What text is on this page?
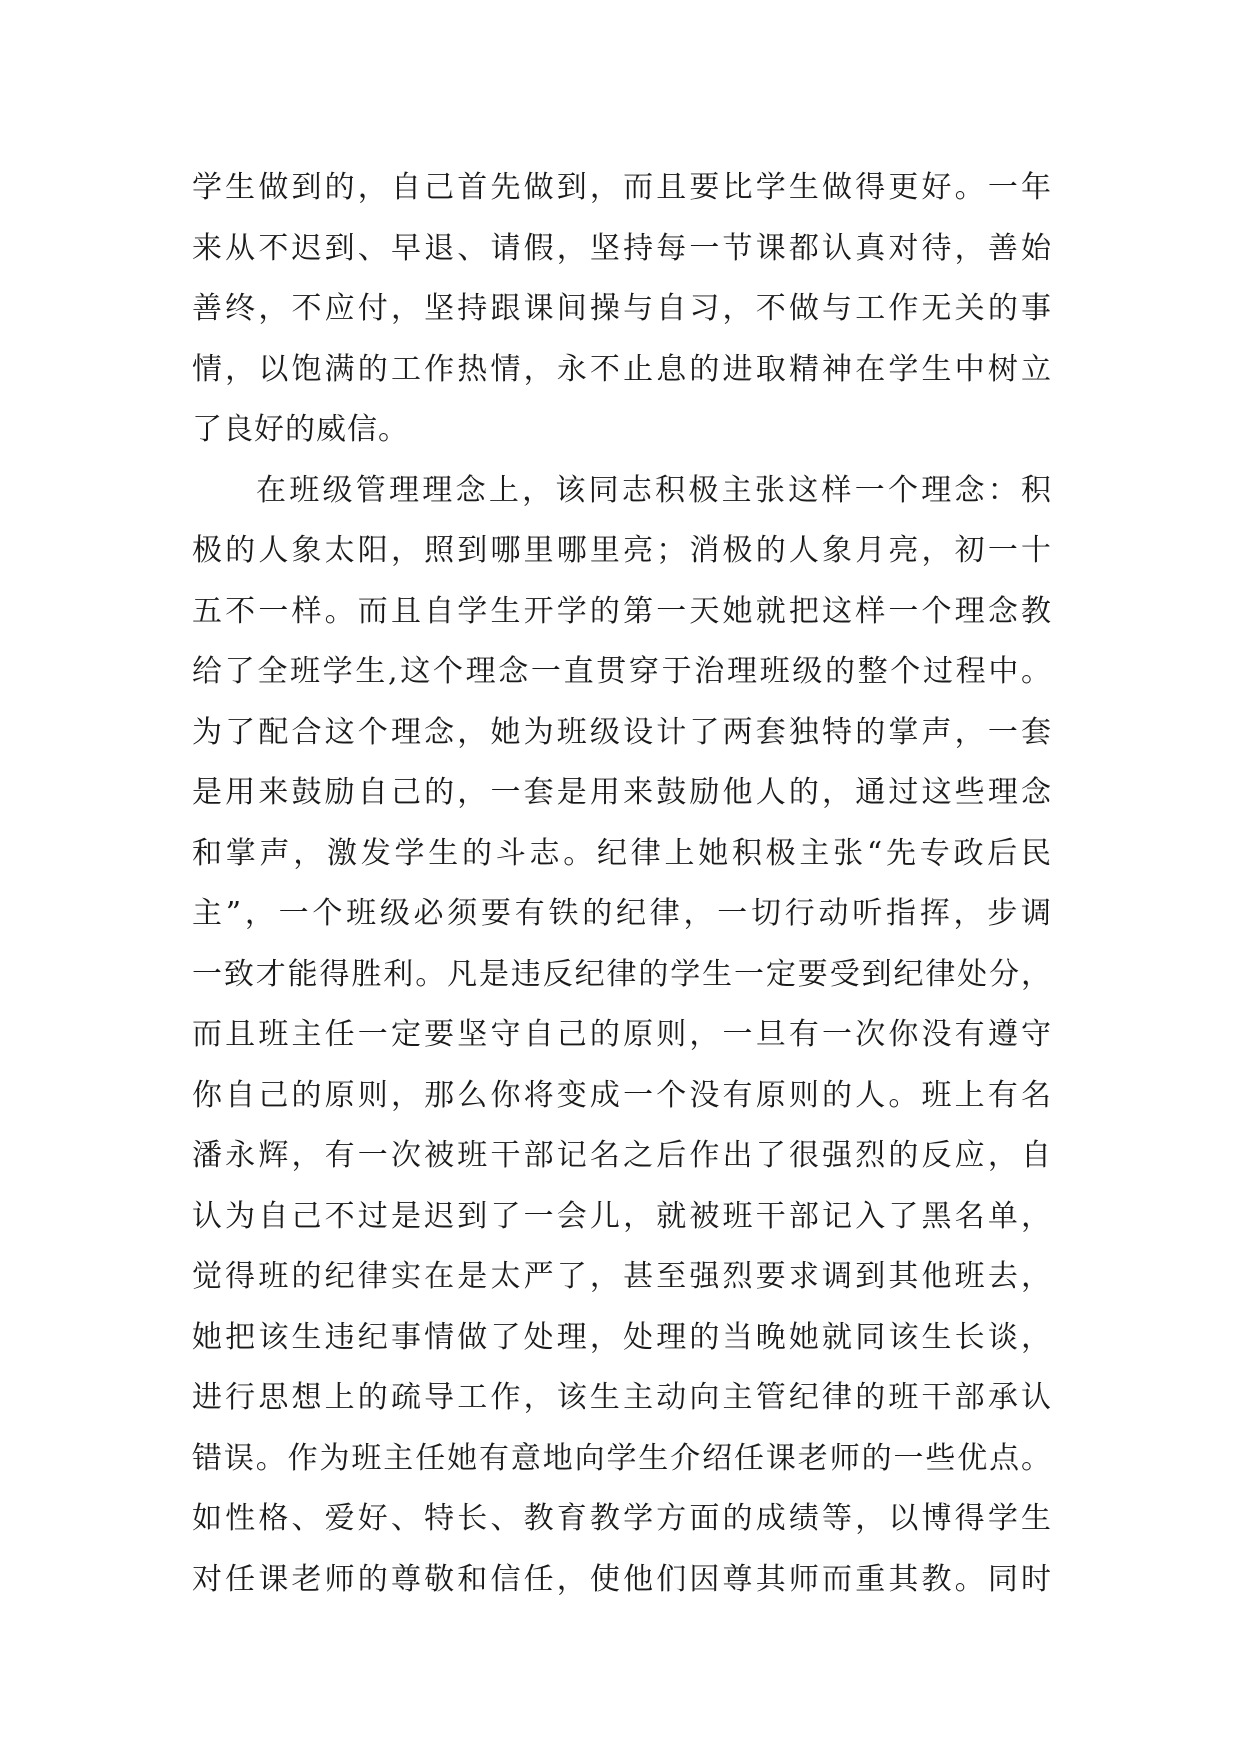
学生做到的，自己首先做到，而且要比学生做得更好。一年
来从不迟到、早退、请假，坚持每一节课都认真对待，善始
善终，不应付，坚持跟课间操与自习，不做与工作无关的事
情，以饱满的工作热情，永不止息的进取精神在学生中树立
了良好的威信。
在班级管理理念上，该同志积极主张这样一个理念：积
极的人象太阳，照到哪里哪里亮；消极的人象月亮，初一十
五不一样。而且自学生开学的第一天她就把这样一个理念教
给了全班学生,这个理念一直贯穿于治理班级的整个过程中。
为了配合这个理念，她为班级设计了两套独特的掌声，一套
是用来鼓励自己的，一套是用来鼓励他人的，通过这些理念
和掌声，激发学生的斗志。纪律上她积极主张“先专政后民
主”，一个班级必须要有铁的纪律，一切行动听指挥，步调
一致才能得胜利。凡是违反纪律的学生一定要受到纪律处分，
而且班主任一定要坚守自己的原则，一旦有一次你没有遵守
你自己的原则，那么你将变成一个没有原则的人。班上有名
潘永辉，有一次被班干部记名之后作出了很强烈的反应，自
认为自己不过是迟到了一会儿，就被班干部记入了黑名单，
觉得班的纪律实在是太严了，甚至强烈要求调到其他班去，
她把该生违纪事情做了处理，处理的当晚她就同该生长谈，
进行思想上的疏导工作，该生主动向主管纪律的班干部承认
错误。作为班主任她有意地向学生介绍任课老师的一些优点。
如性格、爱好、特长、教育教学方面的成绩等，以博得学生
对任课老师的尊敬和信任，使他们因尊其师而重其教。同时
